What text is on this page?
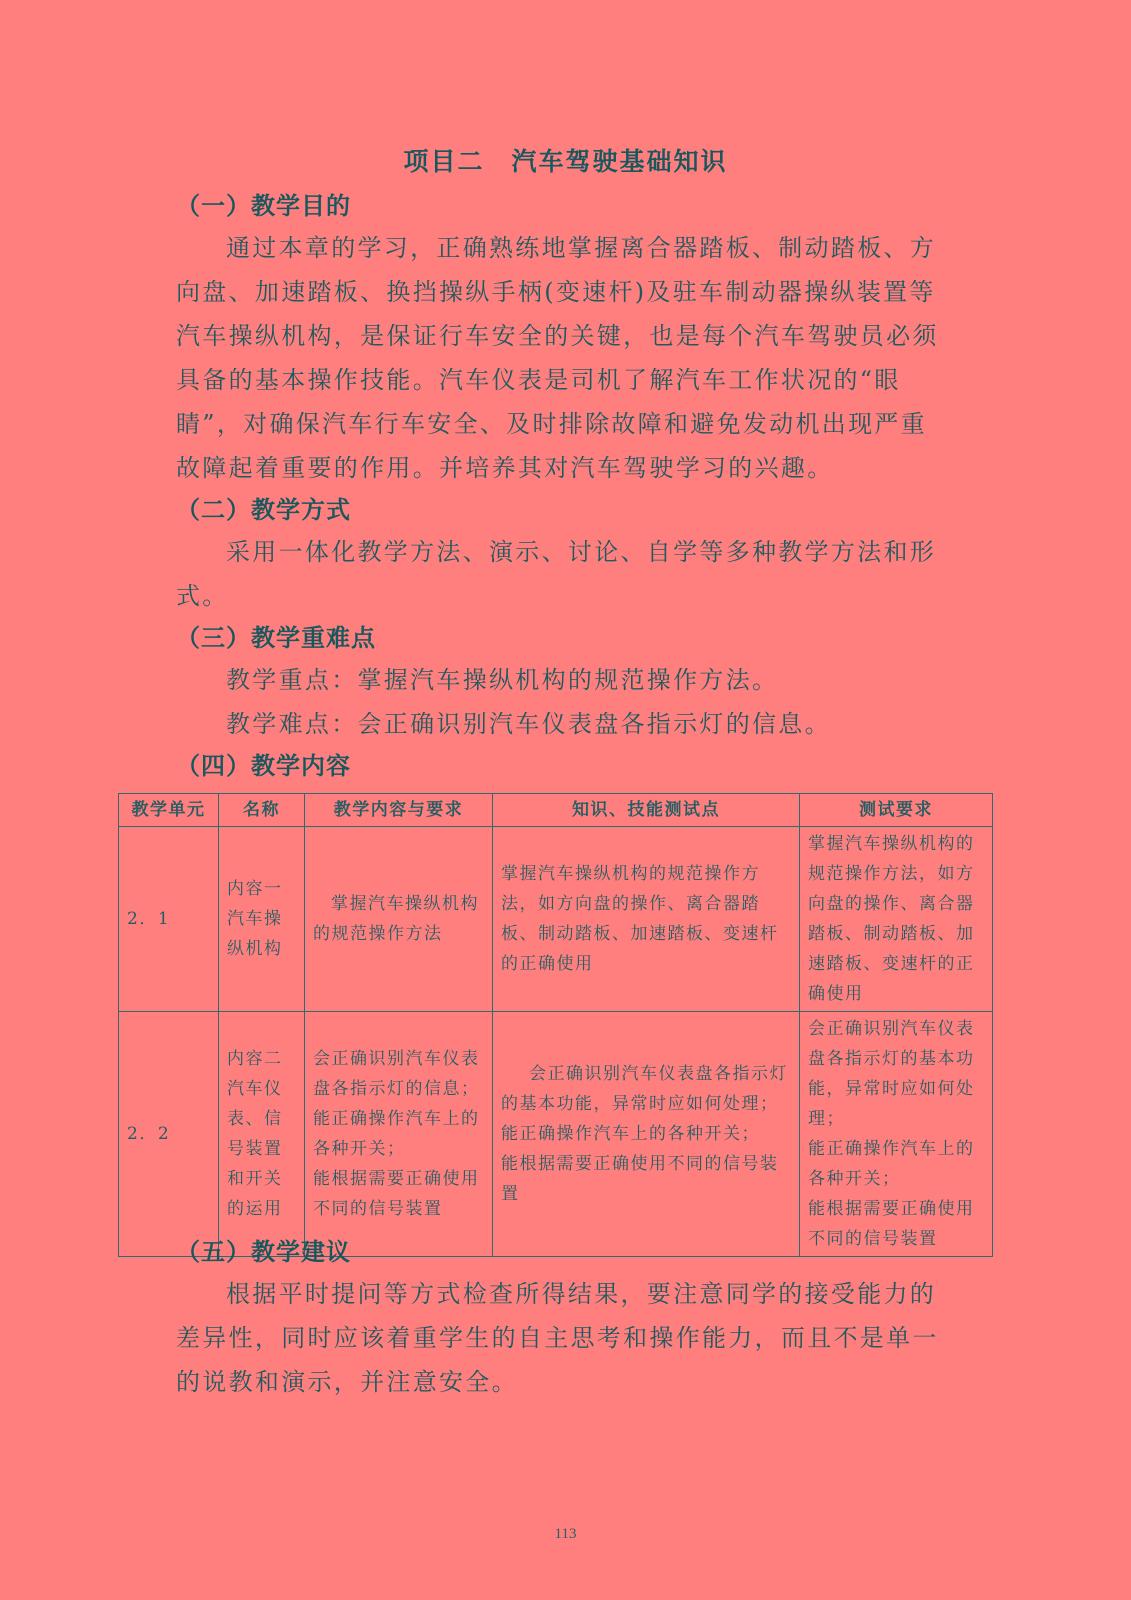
项目二　汽车驾驶基础知识
（一）教学目的
通过本章的学习，正确熟练地掌握离合器踏板、制动踏板、方向盘、加速踏板、换挡操纵手柄(变速杆)及驻车制动器操纵装置等汽车操纵机构，是保证行车安全的关键，也是每个汽车驾驶员必须具备的基本操作技能。汽车仪表是司机了解汽车工作状况的“眼睛”，对确保汽车行车安全、及时排除故障和避免发动机出现严重故障起着重要的作用。并培养其对汽车驾驶学习的兴趣。
（二）教学方式
采用一体化教学方法、演示、讨论、自学等多种教学方法和形式。
（三）教学重难点
教学重点：掌握汽车操纵机构的规范操作方法。
教学难点：会正确识别汽车仪表盘各指示灯的信息。
（四）教学内容
教学单元	名称	教学内容与要求	知识、技能测试点	测试要求
2．1	内容一汽车操纵机构	掌握汽车操纵机构的规范操作方法	掌握汽车操纵机构的规范操作方法，如方向盘的操作、离合器踏板、制动踏板、加速踏板、变速杆的正确使用	掌握汽车操纵机构的规范操作方法，如方向盘的操作、离合器踏板、制动踏板、加速踏板、变速杆的正确使用
2．2	内容二汽车仪表、信号装置和开关的运用	会正确识别汽车仪表盘各指示灯的信息；
能正确操作汽车上的各种开关；
能根据需要正确使用不同的信号装置	会正确识别汽车仪表盘各指示灯的基本功能，异常时应如何处理；
能正确操作汽车上的各种开关；
能根据需要正确使用不同的信号装置	会正确识别汽车仪表盘各指示灯的基本功能，异常时应如何处理；
能正确操作汽车上的各种开关；
能根据需要正确使用不同的信号装置
（五）教学建议
根据平时提问等方式检查所得结果，要注意同学的接受能力的差异性，同时应该着重学生的自主思考和操作能力，而且不是单一的说教和演示，并注意安全。
113
